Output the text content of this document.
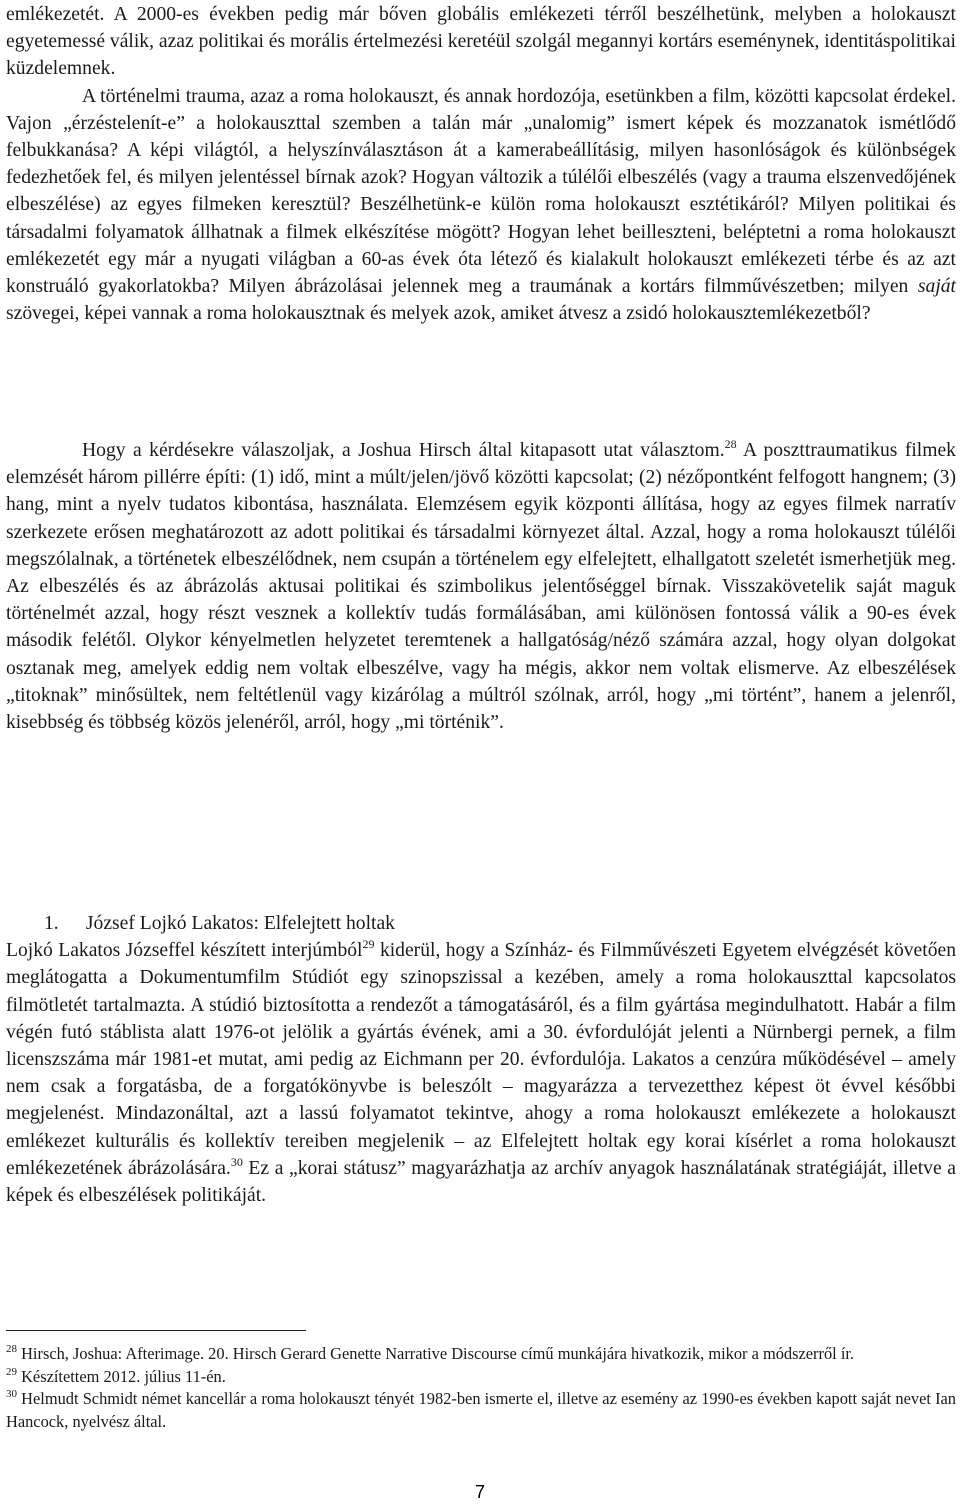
emlékezetét. A 2000-es években pedig már bőven globális emlékezeti térről beszélhetünk, melyben a holokauszt egyetemessé válik, azaz politikai és morális értelmezési keretéül szolgál megannyi kortárs eseménynek, identitáspolitikai küzdelemnek.

A történelmi trauma, azaz a roma holokauszt, és annak hordozója, esetünkben a film, közötti kapcsolat érdekel. Vajon „érzéstelenít-e” a holokauszttal szemben a talán már „unalomig” ismert képek és mozzanatok ismétlődő felbukkanása? A képi világtól, a helyszínválasztáson át a kamerabeállításig, milyen hasonlóságok és különbségek fedezhetőek fel, és milyen jelentéssel bírnak azok? Hogyan változik a túlélői elbeszélés (vagy a trauma elszenvedőjének elbeszélése) az egyes filmeken keresztül? Beszélhetünk-e külön roma holokauszt esztétikáról? Milyen politikai és társadalmi folyamatok állhatnak a filmek elkészítése mögött? Hogyan lehet beilleszteni, beléptetni a roma holokauszt emlékezetét egy már a nyugati világban a 60-as évek óta létező és kialakult holokauszt emlékezeti térbe és az azt konstruáló gyakorlatokba? Milyen ábrázolásai jelennek meg a traumának a kortárs filmművészetben; milyen saját szövegei, képei vannak a roma holokausztnak és melyek azok, amiket átvesz a zsidó holokausztemlékezetből?

Hogy a kérdésekre válaszoljak, a Joshua Hirsch által kitapasott utat választom.$^{28}$ A poszttraumatikus filmek elemzését három pillérre építi: (1) idő, mint a múlt/jelen/jövő közötti kapcsolat; (2) nézőpontként felfogott hangnem; (3) hang, mint a nyelv tudatos kibontása, használata. Elemzésem egyik központi állítása, hogy az egyes filmek narratív szerkezete erősen meghatározott az adott politikai és társadalmi környezet által. Azzal, hogy a roma holokauszt túlélői megszólalnak, a történetek elbeszélődnek, nem csupán a történelem egy elfelejtett, elhallgatott szeletét ismerhetjük meg. Az elbeszélés és az ábrázolás aktusai politikai és szimbolikus jelentőséggel bírnak. Visszakövetelik saját maguk történelmét azzal, hogy részt vesznek a kollektív tudás formálásában, ami különösen fontossá válik a 90-es évek második felétől. Olykor kényelmetlen helyzetet teremtenek a hallgatóság/néző számára azzal, hogy olyan dolgokat osztanak meg, amelyek eddig nem voltak elbeszélve, vagy ha mégis, akkor nem voltak elismerve. Az elbeszélések „titoknak” minősültek, nem feltétlenül vagy kizárólag a múltról szólnak, arról, hogy „mi történt”, hanem a jelenről, kisebbség és többség közös jelenéről, arról, hogy „mi történik”.

1. József Lojkó Lakatos: Elfelejtett holtak

Lojkó Lakatos Józseffel készített interjúmból$^{29}$ kiderül, hogy a Színház- és Filmművészeti Egyetem elvégzését követően meglátogatta a Dokumentumfilm Stúdiót egy szinopszissal a kezében, amely a roma holokauszttal kapcsolatos filmötletét tartalmazta. A stúdió biztosította a rendezőt a támogatásáról, és a film gyártása megindulhatott. Habár a film végén futó stáblista alatt 1976-ot jelölik a gyártás évének, ami a 30. évfordulóját jelenti a Nürnbergi pernek, a film licenszszáma már 1981-et mutat, ami pedig az Eichmann per 20. évfordulója. Lakatos a cenzúra működésével – amely nem csak a forgatásba, de a forgatókönyvbe is beleszólt – magyarázza a tervezetthez képest öt évvel későbbi megjelenést. Mindazonáltal, azt a lassú folyamatot tekintve, ahogy a roma holokauszt emlékezete a holokauszt emlékezet kulturális és kollektív tereiben megjelenik – az Elfelejtett holtak egy korai kísérlet a roma holokauszt emlékezetének ábrázolására.$^{30}$ Ez a „korai státusz” magyarázhatja az archív anyagok használatának stratégiáját, illetve a képek és elbeszélések politikáját.

$^{28}$ Hirsch, Joshua: Afterimage. 20. Hirsch Gerard Genette Narrative Discourse című munkájára hivatkozik, mikor a módszerről ír.

$^{29}$ Készítettem 2012. július 11-én.

$^{30}$ Helmudt Schmidt német kancellár a roma holokauszt tényét 1982-ben ismerte el, illetve az esemény az 1990-es években kapott saját nevet Ian Hancock, nyelvész által.

7
